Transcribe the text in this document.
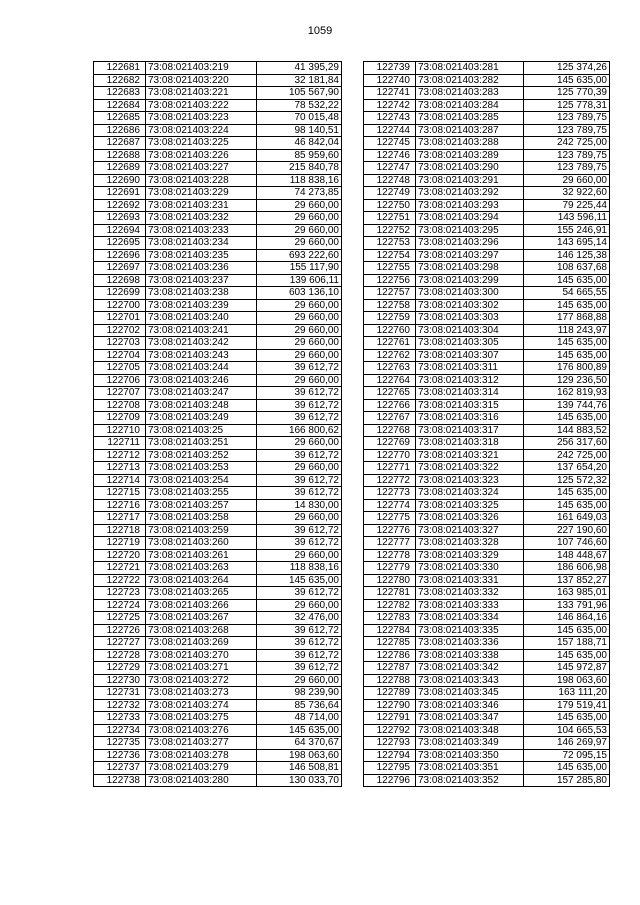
1059
122681	73:08:021403:219	41 395,29
122682	73:08:021403:220	32 181,84
122683	73:08:021403:221	105 567,90
122684	73:08:021403:222	78 532,22
122685	73:08:021403:223	70 015,48
122686	73:08:021403:224	98 140,51
122687	73:08:021403:225	46 842,04
122688	73:08:021403:226	85 959,60
122689	73:08:021403:227	215 840,78
122690	73:08:021403:228	118 838,16
122691	73:08:021403:229	74 273,85
122692	73:08:021403:231	29 660,00
122693	73:08:021403:232	29 660,00
122694	73:08:021403:233	29 660,00
122695	73:08:021403:234	29 660,00
122696	73:08:021403:235	693 222,60
122697	73:08:021403:236	155 117,90
122698	73:08:021403:237	139 606,11
122699	73:08:021403:238	603 136,10
122700	73:08:021403:239	29 660,00
122701	73:08:021403:240	29 660,00
122702	73:08:021403:241	29 660,00
122703	73:08:021403:242	29 660,00
122704	73:08:021403:243	29 660,00
122705	73:08:021403:244	39 612,72
122706	73:08:021403:246	29 660,00
122707	73:08:021403:247	39 612,72
122708	73:08:021403:248	39 612,72
122709	73:08:021403:249	39 612,72
122710	73:08:021403:25	166 800,62
122711	73:08:021403:251	29 660,00
122712	73:08:021403:252	39 612,72
122713	73:08:021403:253	29 660,00
122714	73:08:021403:254	39 612,72
122715	73:08:021403:255	39 612,72
122716	73:08:021403:257	14 830,00
122717	73:08:021403:258	29 660,00
122718	73:08:021403:259	39 612,72
122719	73:08:021403:260	39 612,72
122720	73:08:021403:261	29 660,00
122721	73:08:021403:263	118 838,16
122722	73:08:021403:264	145 635,00
122723	73:08:021403:265	39 612,72
122724	73:08:021403:266	29 660,00
122725	73:08:021403:267	32 476,00
122726	73:08:021403:268	39 612,72
122727	73:08:021403:269	39 612,72
122728	73:08:021403:270	39 612,72
122729	73:08:021403:271	39 612,72
122730	73:08:021403:272	29 660,00
122731	73:08:021403:273	98 239,90
122732	73:08:021403:274	85 736,64
122733	73:08:021403:275	48 714,00
122734	73:08:021403:276	145 635,00
122735	73:08:021403:277	64 370,67
122736	73:08:021403:278	198 063,60
122737	73:08:021403:279	146 508,81
122738	73:08:021403:280	130 033,70
122739	73:08:021403:281	125 374,26
122740	73:08:021403:282	145 635,00
122741	73:08:021403:283	125 770,39
122742	73:08:021403:284	125 778,31
122743	73:08:021403:285	123 789,75
122744	73:08:021403:287	123 789,75
122745	73:08:021403:288	242 725,00
122746	73:08:021403:289	123 789,75
122747	73:08:021403:290	123 789,75
122748	73:08:021403:291	29 660,00
122749	73:08:021403:292	32 922,60
122750	73:08:021403:293	79 225,44
122751	73:08:021403:294	143 596,11
122752	73:08:021403:295	155 246,91
122753	73:08:021403:296	143 695,14
122754	73:08:021403:297	146 125,38
122755	73:08:021403:298	108 637,68
122756	73:08:021403:299	145 635,00
122757	73:08:021403:300	54 665,55
122758	73:08:021403:302	145 635,00
122759	73:08:021403:303	177 868,88
122760	73:08:021403:304	118 243,97
122761	73:08:021403:305	145 635,00
122762	73:08:021403:307	145 635,00
122763	73:08:021403:311	176 800,89
122764	73:08:021403:312	129 236,50
122765	73:08:021403:314	162 819,93
122766	73:08:021403:315	139 744,76
122767	73:08:021403:316	145 635,00
122768	73:08:021403:317	144 883,52
122769	73:08:021403:318	256 317,60
122770	73:08:021403:321	242 725,00
122771	73:08:021403:322	137 654,20
122772	73:08:021403:323	125 572,32
122773	73:08:021403:324	145 635,00
122774	73:08:021403:325	145 635,00
122775	73:08:021403:326	161 649,03
122776	73:08:021403:327	227 190,60
122777	73:08:021403:328	107 746,60
122778	73:08:021403:329	148 448,67
122779	73:08:021403:330	186 606,98
122780	73:08:021403:331	137 852,27
122781	73:08:021403:332	163 985,01
122782	73:08:021403:333	133 791,96
122783	73:08:021403:334	146 864,16
122784	73:08:021403:335	145 635,00
122785	73:08:021403:336	157 188,71
122786	73:08:021403:338	145 635,00
122787	73:08:021403:342	145 972,87
122788	73:08:021403:343	198 063,60
122789	73:08:021403:345	163 111,20
122790	73:08:021403:346	179 519,41
122791	73:08:021403:347	145 635,00
122792	73:08:021403:348	104 665,53
122793	73:08:021403:349	146 269,97
122794	73:08:021403:350	72 095,15
122795	73:08:021403:351	145 635,00
122796	73:08:021403:352	157 285,80
